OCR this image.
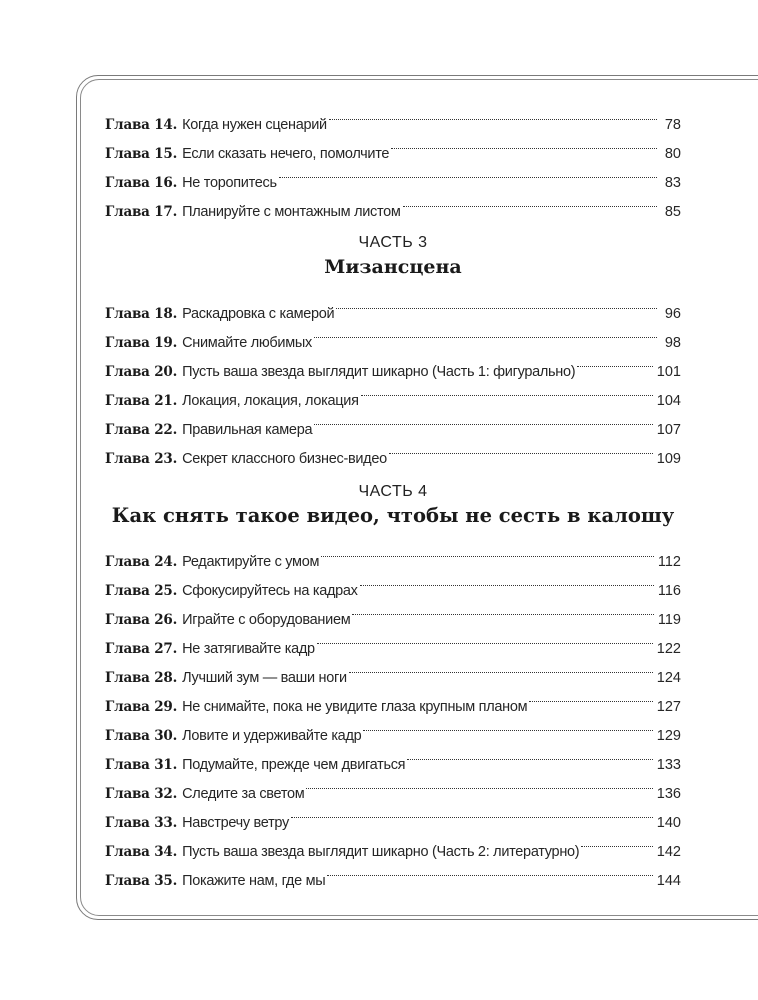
Глава 14. Когда нужен сценарий	78
Глава 15. Если сказать нечего, помолчите	80
Глава 16. Не торопитесь	83
Глава 17. Планируйте с монтажным листом	85
ЧАСТЬ 3
Мизансцена
Глава 18. Раскадровка с камерой	96
Глава 19. Снимайте любимых	98
Глава 20. Пусть ваша звезда выглядит шикарно (Часть 1: фигурально)	101
Глава 21. Локация, локация, локация	104
Глава 22. Правильная камера	107
Глава 23. Секрет классного бизнес-видео	109
ЧАСТЬ 4
Как снять такое видео, чтобы не сесть в калошу
Глава 24. Редактируйте с умом	112
Глава 25. Сфокусируйтесь на кадрах	116
Глава 26. Играйте с оборудованием	119
Глава 27. Не затягивайте кадр	122
Глава 28. Лучший зум — ваши ноги	124
Глава 29. Не снимайте, пока не увидите глаза крупным планом	127
Глава 30. Ловите и удерживайте кадр	129
Глава 31. Подумайте, прежде чем двигаться	133
Глава 32. Следите за светом	136
Глава 33. Навстречу ветру	140
Глава 34. Пусть ваша звезда выглядит шикарно (Часть 2: литературно)	142
Глава 35. Покажите нам, где мы	144
